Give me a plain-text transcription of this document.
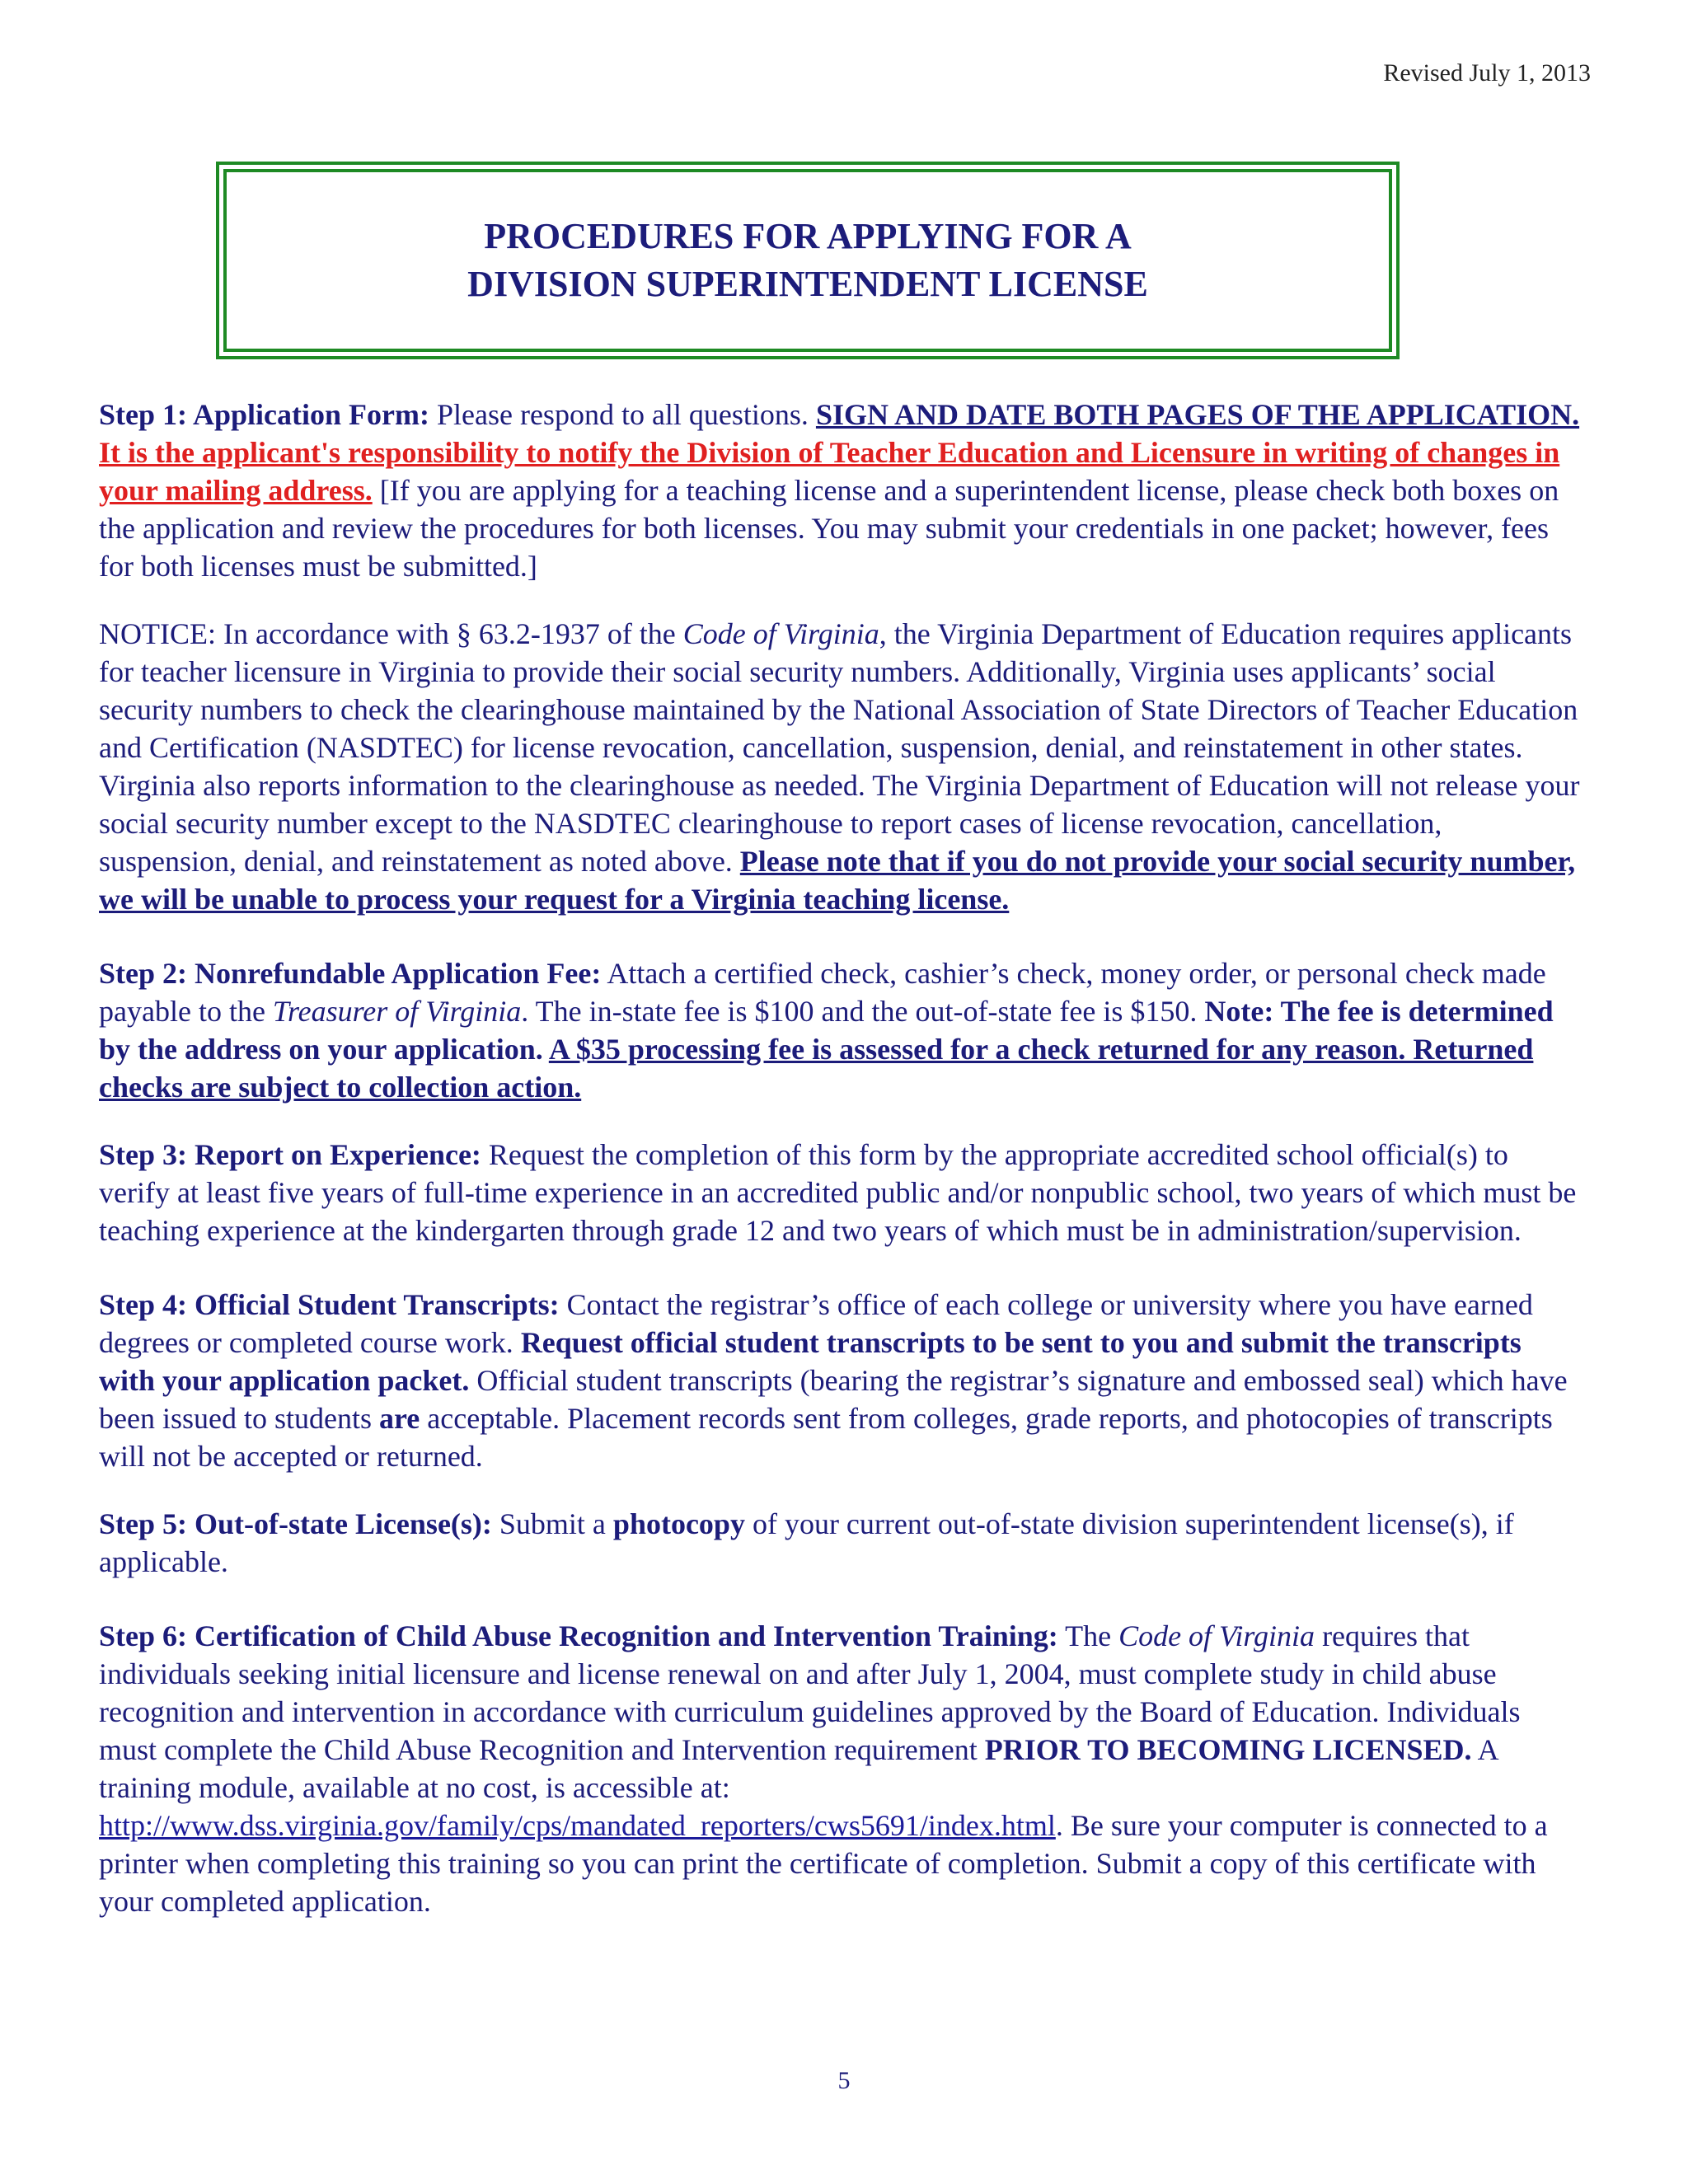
Revised July 1, 2013
PROCEDURES FOR APPLYING FOR A
DIVISION SUPERINTENDENT LICENSE

Step 1: Application Form: Please respond to all questions. SIGN AND DATE BOTH PAGES OF THE APPLICATION. It is the applicant's responsibility to notify the Division of Teacher Education and Licensure in writing of changes in your mailing address. [If you are applying for a teaching license and a superintendent license, please check both boxes on the application and review the procedures for both licenses. You may submit your credentials in one packet; however, fees for both licenses must be submitted.]

NOTICE: In accordance with § 63.2-1937 of the Code of Virginia, the Virginia Department of Education requires applicants for teacher licensure in Virginia to provide their social security numbers. Additionally, Virginia uses applicants’ social security numbers to check the clearinghouse maintained by the National Association of State Directors of Teacher Education and Certification (NASDTEC) for license revocation, cancellation, suspension, denial, and reinstatement in other states. Virginia also reports information to the clearinghouse as needed. The Virginia Department of Education will not release your social security number except to the NASDTEC clearinghouse to report cases of license revocation, cancellation, suspension, denial, and reinstatement as noted above. Please note that if you do not provide your social security number, we will be unable to process your request for a Virginia teaching license.

Step 2: Nonrefundable Application Fee: Attach a certified check, cashier’s check, money order, or personal check made payable to the Treasurer of Virginia. The in-state fee is $100 and the out-of-state fee is $150. Note: The fee is determined by the address on your application. A $35 processing fee is assessed for a check returned for any reason. Returned checks are subject to collection action.

Step 3: Report on Experience: Request the completion of this form by the appropriate accredited school official(s) to verify at least five years of full-time experience in an accredited public and/or nonpublic school, two years of which must be teaching experience at the kindergarten through grade 12 and two years of which must be in administration/supervision.

Step 4: Official Student Transcripts: Contact the registrar’s office of each college or university where you have earned degrees or completed course work. Request official student transcripts to be sent to you and submit the transcripts with your application packet. Official student transcripts (bearing the registrar’s signature and embossed seal) which have been issued to students are acceptable. Placement records sent from colleges, grade reports, and photocopies of transcripts will not be accepted or returned.

Step 5: Out-of-state License(s): Submit a photocopy of your current out-of-state division superintendent license(s), if applicable.

Step 6: Certification of Child Abuse Recognition and Intervention Training: The Code of Virginia requires that individuals seeking initial licensure and license renewal on and after July 1, 2004, must complete study in child abuse recognition and intervention in accordance with curriculum guidelines approved by the Board of Education. Individuals must complete the Child Abuse Recognition and Intervention requirement PRIOR TO BECOMING LICENSED. A training module, available at no cost, is accessible at: http://www.dss.virginia.gov/family/cps/mandated_reporters/cws5691/index.html. Be sure your computer is connected to a printer when completing this training so you can print the certificate of completion. Submit a copy of this certificate with your completed application.

5
